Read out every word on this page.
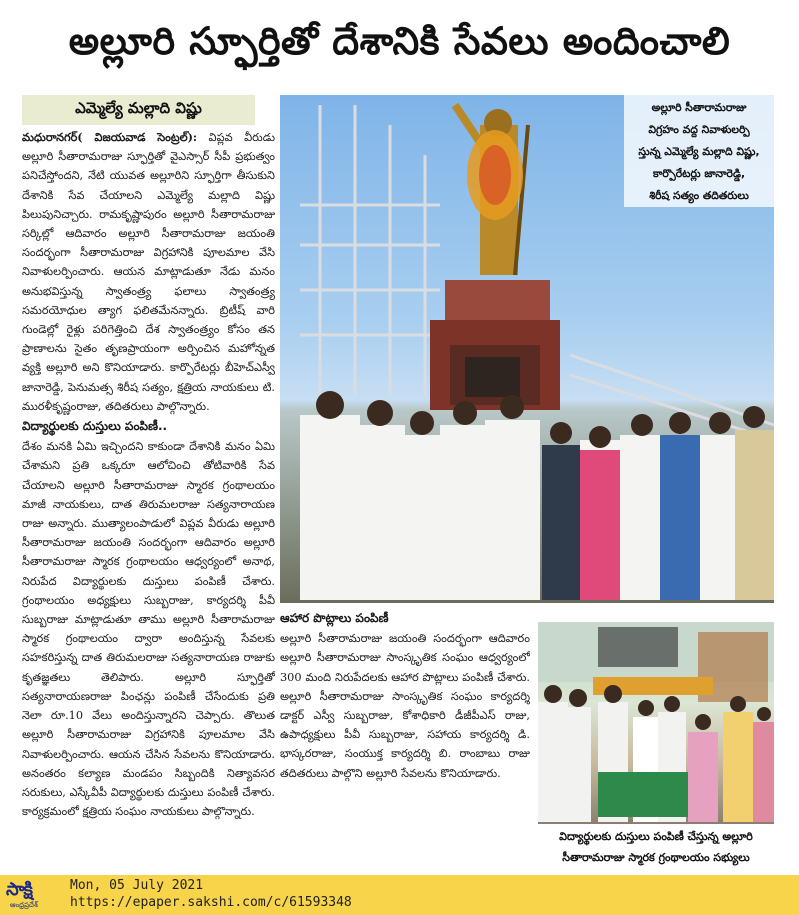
అల్లూరి స్ఫూర్తితో దేశానికి సేవలు అందించాలి
ఎమ్మెల్యే మల్లాది విష్ణు

మధురానగర్( విజయవాడ సెంట్రల్): విప్లవ వీరుడు అల్లూరి సీతారామరాజు స్ఫూర్తితో వైఎస్సార్ సీపీ ప్రభుత్వం పనిచేస్తోందని, నేటి యువత అల్లూరిని స్ఫూర్తిగా తీసుకుని దేశానికి సేవ చేయాలని ఎమ్మెల్యే మల్లాది విష్ణు పిలుపునిచ్చారు. రామకృష్ణాపురం అల్లూరి సీతారామరాజు సర్కిల్లో ఆదివారం అల్లూరి సీతారామరాజు జయంతి సందర్భంగా సీతారామరాజు విగ్రహానికి పూలమాల వేసి నివాళులర్పించారు. ఆయన మాట్లాడుతూ నేడు మనం అనుభవిస్తున్న స్వాతంత్ర్య ఫలాలు స్వాతంత్ర్య సమరయోధుల త్యాగ ఫలితమేనన్నారు. బ్రిటీష్ వారి గుండెల్లో రైళ్లు పరిగెత్తించి దేశ స్వాతంత్ర్యం కోసం తన ప్రాణాలను సైతం తృణప్రాయంగా అర్పించిన మహోన్నత వ్యక్తి అల్లూరి అని కొనియాడారు. కార్పొరేటర్లు బీహెచ్ఎస్వీ జానారెడ్డి, పెనుమత్స శిరీష సత్యం, క్షత్రియ నాయకులు టి. మురళీకృష్ణంరాజు, తదితరులు పాల్గొన్నారు.

విద్యార్థులకు దుస్తులు పంపిణీ..

దేశం మనకి ఏమి ఇచ్చిందని కాకుండా దేశానికి మనం ఏమి చేశామని ప్రతి ఒక్కరూ ఆలోచించి తోటివారికి సేవ చేయాలని అల్లూరి సీతారామరాజు స్మారక గ్రంథాలయం మాజీ నాయకులు, దాత తిరుమలరాజు సత్యనారాయణ రాజు అన్నారు. ముత్యాలంపాడులో విప్లవ వీరుడు అల్లూరి సీతారామరాజు జయంతి సందర్భంగా ఆదివారం అల్లూరి సీతారామరాజు స్మారక గ్రంథాలయం ఆధ్వర్యంలో అనాథ, నిరుపేద విద్యార్థులకు దుస్తులు పంపిణీ చేశారు. గ్రంథాలయం అధ్యక్షులు సుబ్బరాజు, కార్యదర్శి పీవీ సుబ్బరాజు మాట్లాడుతూ తాము అల్లూరి సీతారామరాజు స్మారక గ్రంథాలయం ద్వారా అందిస్తున్న సేవలకు సహకరిస్తున్న దాత తిరుమలరాజు సత్యనారాయణ రాజుకు కృతజ్ఞతలు తెలిపారు. అల్లూరి స్ఫూర్తితో సత్యనారాయణరాజు పింఛన్లు పంపిణీ చేసేందుకు ప్రతి నెలా రూ.10 వేలు అందిస్తున్నారని చెప్పారు. తొలుత అల్లూరి సీతారామరాజు విగ్రహానికి పూలమాల వేసి నివాళులర్పించారు. ఆయన చేసిన సేవలను కొనియాడారు. అనంతరం కల్యాణ మండపం సిబ్బందికి నిత్యావసర సరుకులు, ఎస్కేవీపీ విద్యార్థులకు దుస్తులు పంపిణీ చేశారు. కార్యక్రమంలో క్షత్రియ సంఘం నాయకులు పాల్గొన్నారు.

ఆహార పొట్లాలు పంపిణీ

అల్లూరి సీతారామరాజు జయంతి సందర్భంగా ఆదివారం అల్లూరి సీతారామరాజు సాంస్కృతిక సంఘం ఆధ్వర్యంలో 300 మంది నిరుపేదలకు ఆహార పొట్లాలు పంపిణీ చేశారు. అల్లూరి సీతారామరాజు సాంస్కృతిక సంఘం కార్యదర్శి డాక్టర్ ఎస్వీ సుబ్బరాజు, కోశాధికారి డీజీపీఎస్ రాజు, ఉపాధ్యక్షులు పీవీ సుబ్బరాజు, సహాయ కార్యదర్శి డి. భాస్కరరాజు, సంయుక్త కార్యదర్శి బి. రాంబాబు రాజు తదితరులు పాల్గొని అల్లూరి సేవలను కొనియాడారు.

అల్లూరి సీతారామరాజు
విగ్రహం వద్ద నివాళులర్పి
స్తున్న ఎమ్మెల్యే మల్లాది విష్ణు,
కార్పొరేటర్లు జానారెడ్డి,
శిరీష సత్యం తదితరులు
విద్యార్థులకు దుస్తులు పంపిణీ చేస్తున్న అల్లూరి
సీతారామరాజు స్మారక గ్రంథాలయం సభ్యులు
సాక్షి
ఆంధ్రప్రదేశ్
Mon, 05 July 2021
https://epaper.sakshi.com/c/61593348
